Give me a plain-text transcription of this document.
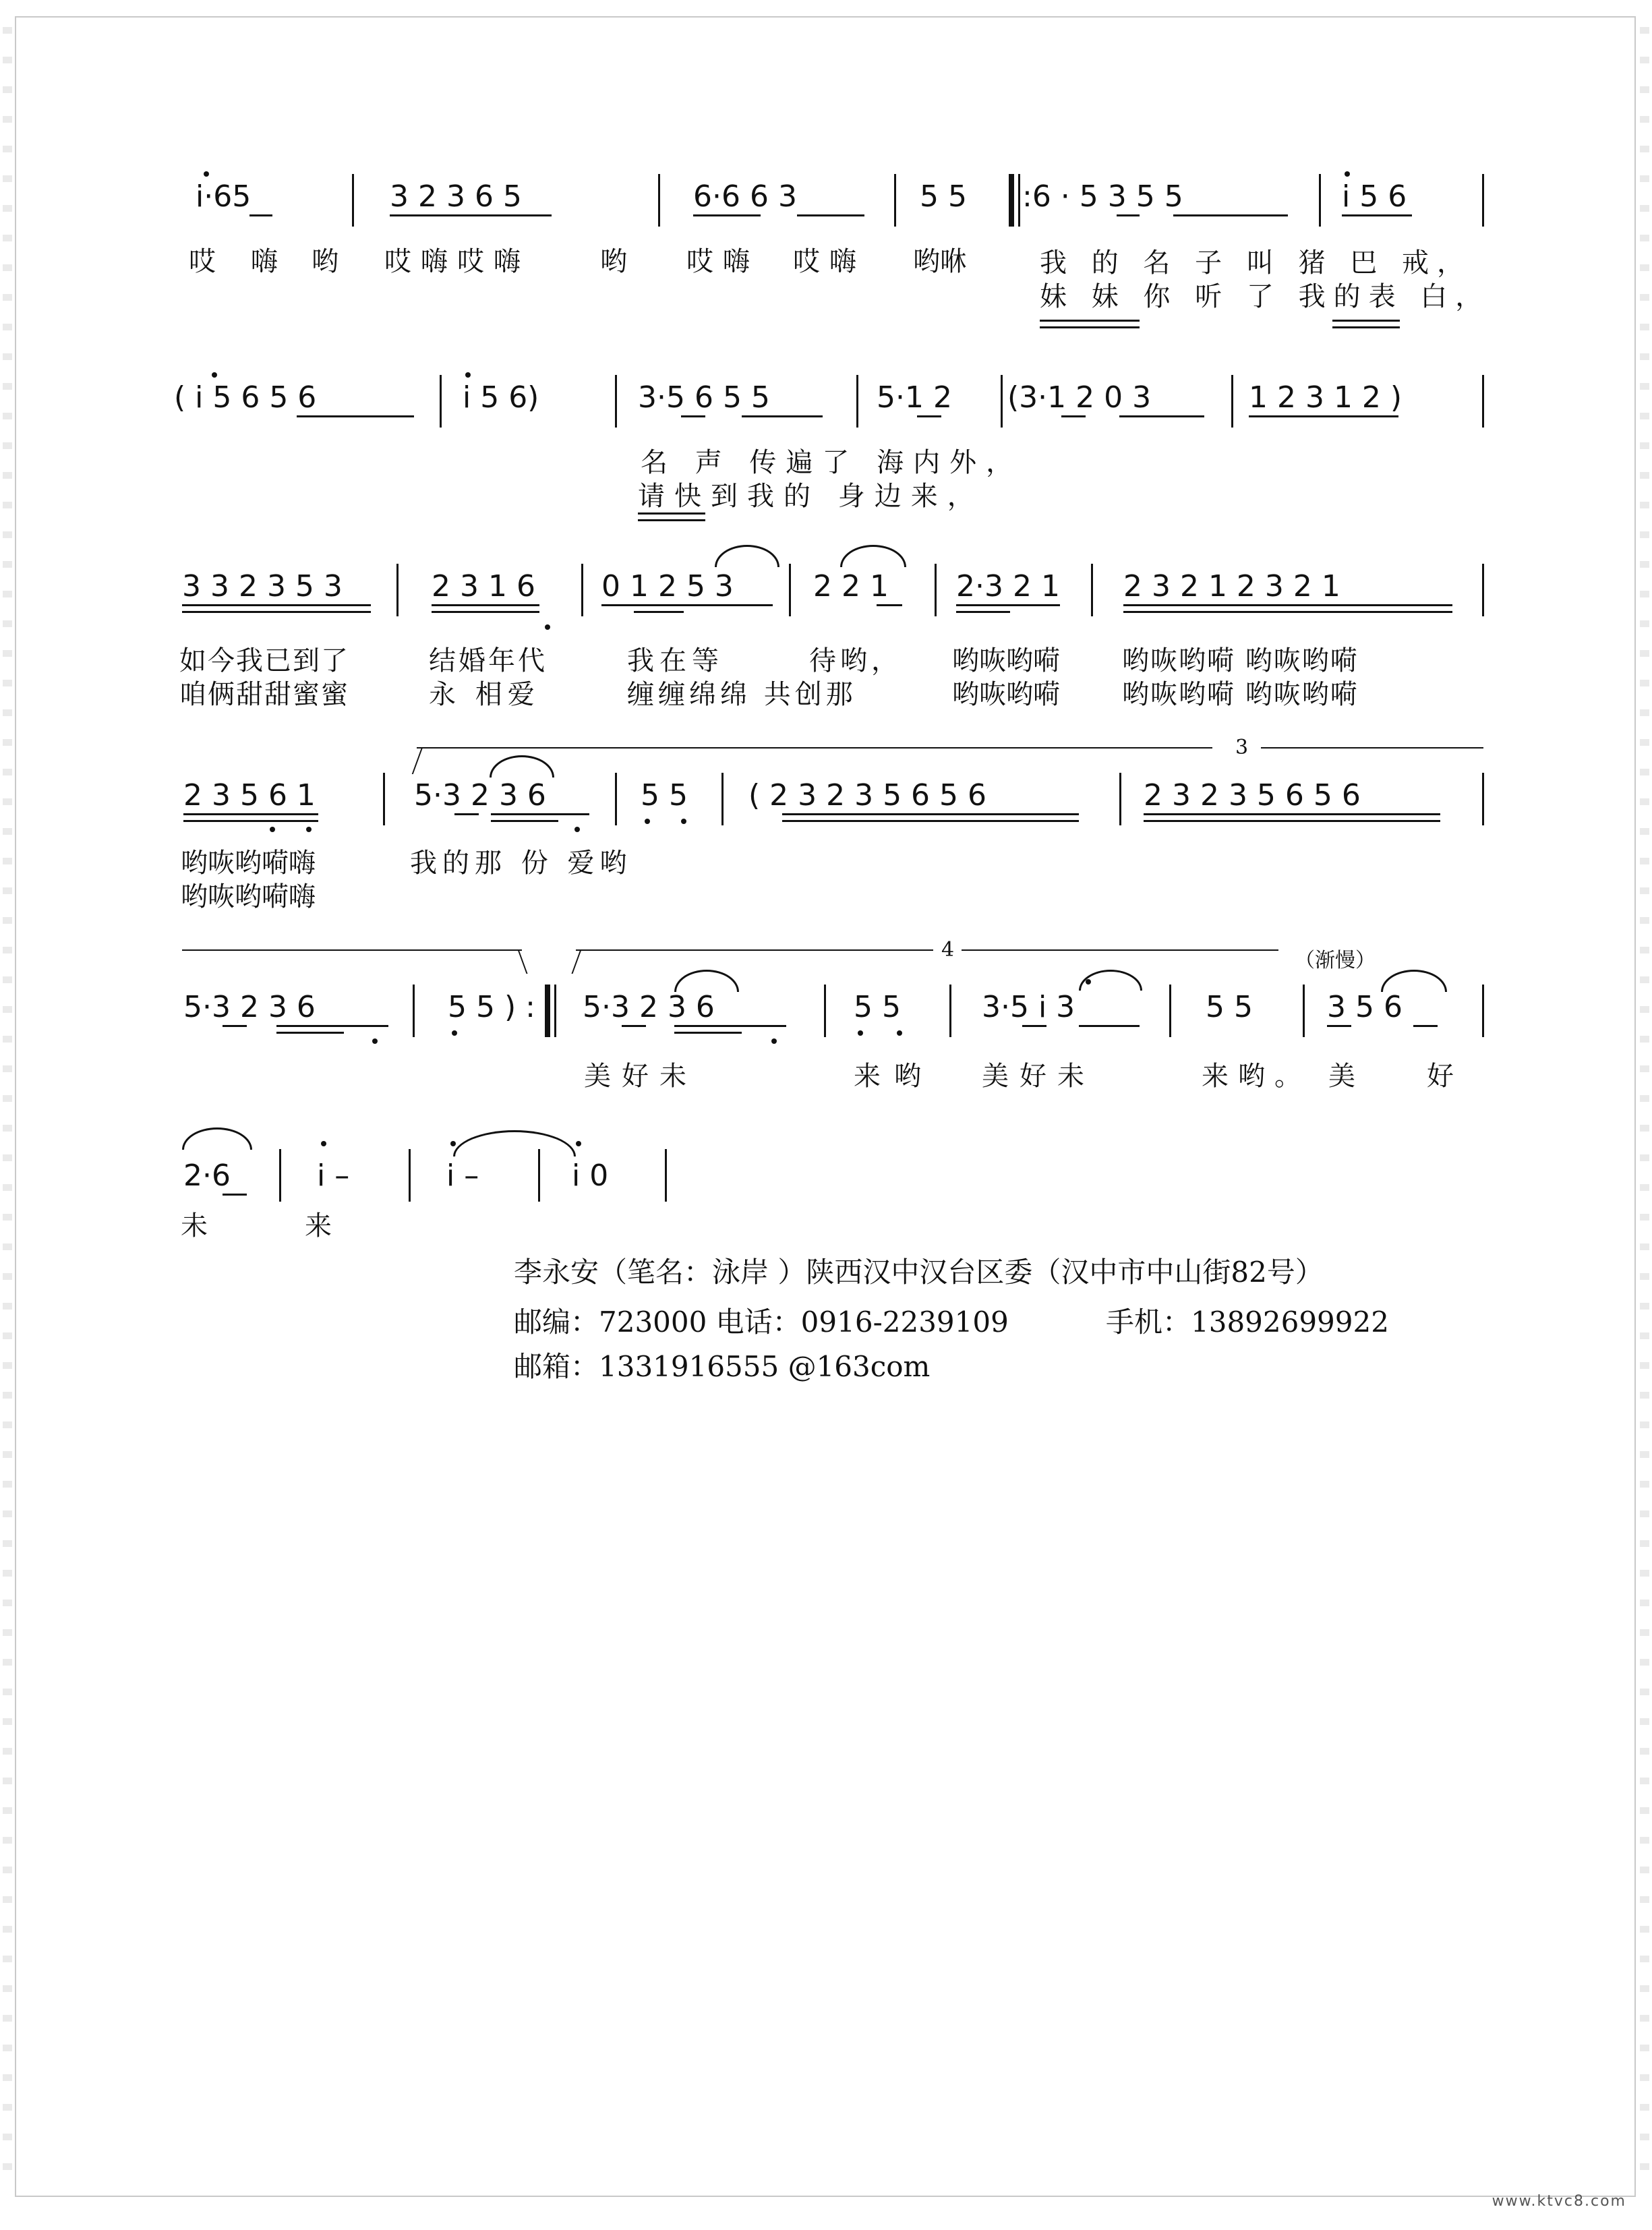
i·65	3 2 3 6 5	6·6 6 3	5 5 :6 · 5 3 5 5	i 5 6
哎 嗨 哟 哎嗨哎嗨	哟 哎嗨 哎嗨 哟咻	我 的 名 子 叫 猪 巴 戒，
妹 妹 你 听 了 我的表 白，
( i 5 6 5 6	i 5 6)	3·5 6 5 5	5·1 2 (3·1 2 0 3	1 2 3 1 2 )
名 声 传遍了 海内外，
请快到我的 身边来，
3 3 2 3 5 3	2 3 1 6 0 1 2 5 3	2 2 1 2·3 2 1 2 3 2 1 2 3 2 1
如今我已到了	结婚年代	我在等	待哟， 哟咴哟嗬 哟咴哟嗬 哟咴哟嗬
咱俩甜甜蜜蜜	永 相爱	缠缠绵绵 共创那	哟咴哟嗬 哟咴哟嗬 哟咴哟嗬
3
2 3 5 6 1	5·3 2 3 6	5 5 ( 2 3 2 3 5 6 5 6	2 3 2 3 5 6 5 6
哟咴哟嗬嗨	我的那 份 爱哟
哟咴哟嗬嗨
4	（渐慢）
5·3 2 3 6	5 5 ) : 5·3 2 3 6	5 5	3·5 i 3	5 5	3 5 6
美好未	来哟 美好未	来哟。 美	好
2·6	i –	i –	i 0
未	来
李永安（笔名：泳岸 ）陕西汉中汉台区委（汉中市中山街82号）
邮编：723000 电话：0916-2239109	手机：13892699922
邮箱：1331916555 @163com
www.ktvc8.com
